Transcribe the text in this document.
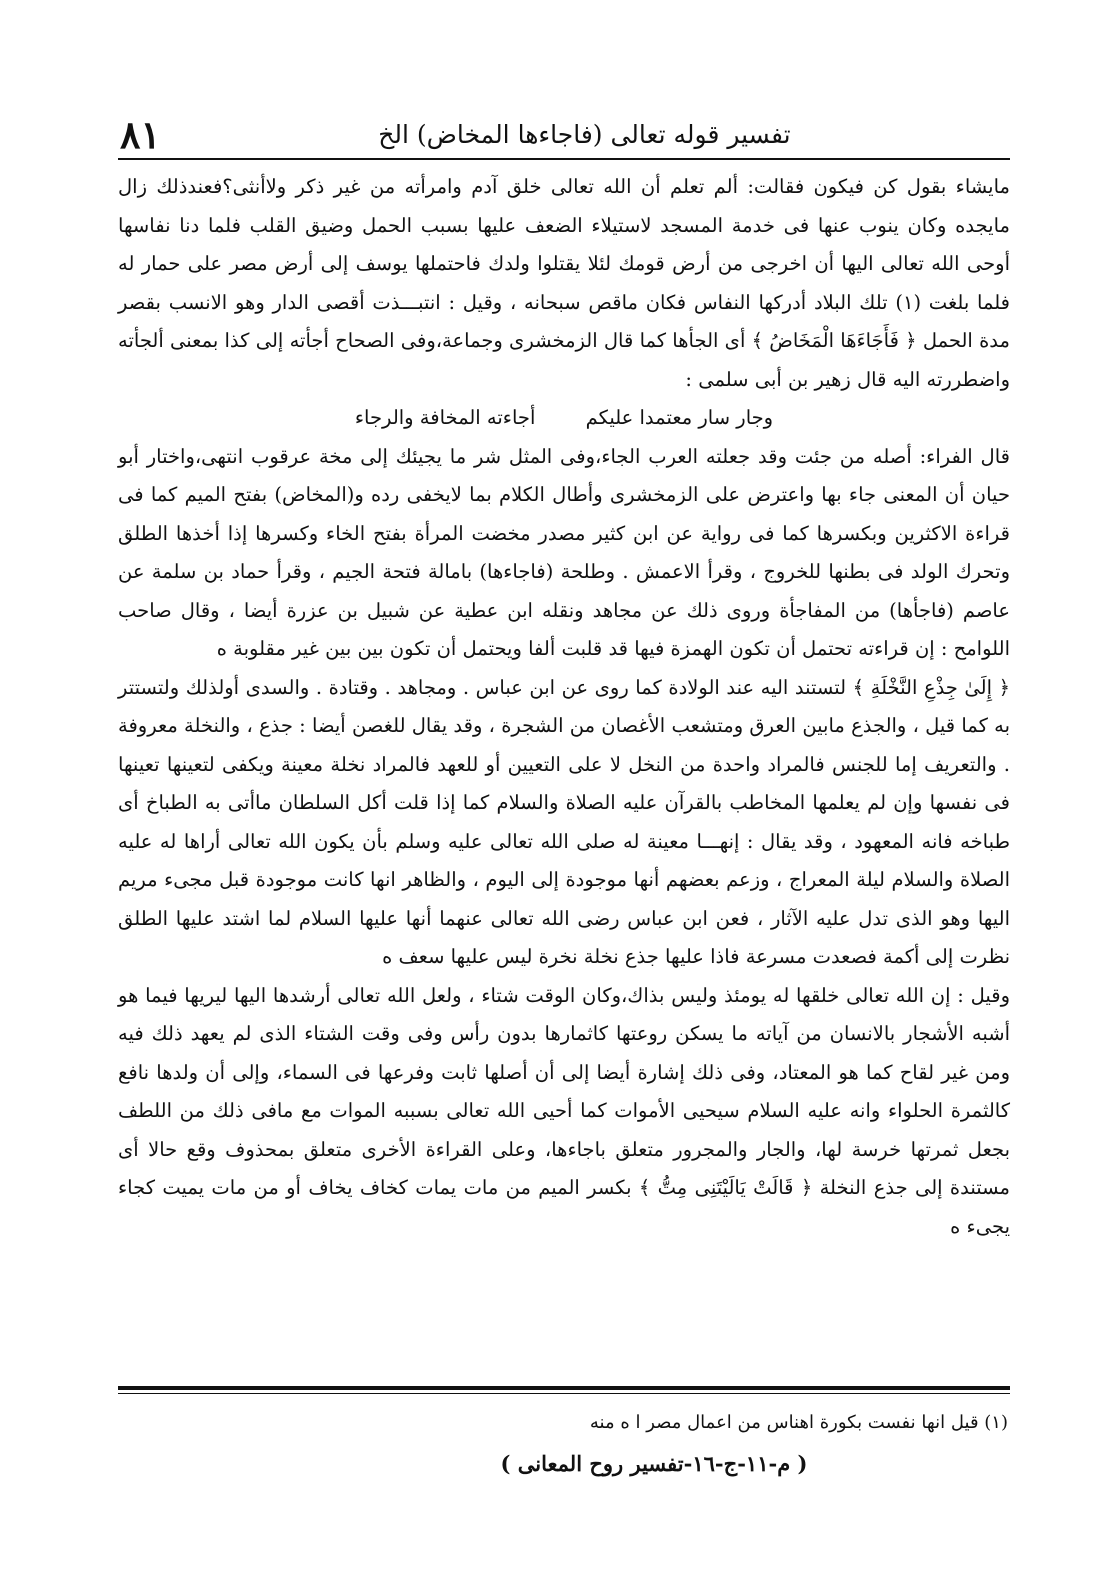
تفسير قوله تعالى (فاجاءها المخاض) الخ
٨١

مايشاء بقول كن فيكون فقالت: ألم تعلم أن الله تعالى خلق آدم وامرأته من غير ذكر ولاأنثى؟فعندذلك زال مايجده وكان ينوب عنها فى خدمة المسجد لاستيلاء الضعف عليها بسبب الحمل وضيق القلب فلما دنا نفاسها أوحى الله تعالى اليها أن اخرجى من أرض قومك لئلا يقتلوا ولدك فاحتملها يوسف إلى أرض مصر على حمار له فلما بلغت (١) تلك البلاد أدركها النفاس فكان ماقص سبحانه ، وقيل : انتبـــذت أقصى الدار وهو الانسب بقصر مدة الحمل ﴿ فَأَجَاءَهَا الْمَخَاضُ ﴾ أى الجأها كما قال الزمخشرى وجماعة،وفى الصحاح أجأته إلى كذا بمعنى ألجأته واضطررته اليه قال زهير بن أبى سلمى :

وجار سار معتمدا عليكم أجاءته المخافة والرجاء

قال الفراء: أصله من جئت وقد جعلته العرب الجاء،وفى المثل شر ما يجيئك إلى مخة عرقوب انتهى،واختار أبو حيان أن المعنى جاء بها واعترض على الزمخشرى وأطال الكلام بما لايخفى رده و(المخاض) بفتح الميم كما فى قراءة الاكثرين وبكسرها كما فى رواية عن ابن كثير مصدر مخضت المرأة بفتح الخاء وكسرها إذا أخذها الطلق وتحرك الولد فى بطنها للخروج ، وقرأ الاعمش . وطلحة (فاجاءها) بامالة فتحة الجيم ، وقرأ حماد بن سلمة عن عاصم (فاجأها) من المفاجأة وروى ذلك عن مجاهد ونقله ابن عطية عن شبيل بن عزرة أيضا ، وقال صاحب اللوامح : إن قراءته تحتمل أن تكون الهمزة فيها قد قلبت ألفا ويحتمل أن تكون بين بين غير مقلوبة ه

﴿ إِلَىٰ جِذْعِ النَّخْلَةِ ﴾ لتستند اليه عند الولادة كما روى عن ابن عباس . ومجاهد . وقتادة . والسدى أولذلك ولتستتر به كما قيل ، والجذع مابين العرق ومتشعب الأغصان من الشجرة ، وقد يقال للغصن أيضا : جذع ، والنخلة معروفة . والتعريف إما للجنس فالمراد واحدة من النخل لا على التعيين أو للعهد فالمراد نخلة معينة ويكفى لتعينها تعينها فى نفسها وإن لم يعلمها المخاطب بالقرآن عليه الصلاة والسلام كما إذا قلت أكل السلطان ماأتى به الطباخ أى طباخه فانه المعهود ، وقد يقال : إنهـــا معينة له صلى الله تعالى عليه وسلم بأن يكون الله تعالى أراها له عليه الصلاة والسلام ليلة المعراج ، وزعم بعضهم أنها موجودة إلى اليوم ، والظاهر انها كانت موجودة قبل مجىء مريم اليها وهو الذى تدل عليه الآثار ، فعن ابن عباس رضى الله تعالى عنهما أنها عليها السلام لما اشتد عليها الطلق نظرت إلى أكمة فصعدت مسرعة فاذا عليها جذع نخلة نخرة ليس عليها سعف ه

وقيل : إن الله تعالى خلقها له يومئذ وليس بذاك،وكان الوقت شتاء ، ولعل الله تعالى أرشدها اليها ليريها فيما هو أشبه الأشجار بالانسان من آياته ما يسكن روعتها كاثمارها بدون رأس وفى وقت الشتاء الذى لم يعهد ذلك فيه ومن غير لقاح كما هو المعتاد، وفى ذلك إشارة أيضا إلى أن أصلها ثابت وفرعها فى السماء، وإلى أن ولدها نافع كالثمرة الحلواء وانه عليه السلام سيحيى الأموات كما أحيى الله تعالى بسببه الموات مع مافى ذلك من اللطف بجعل ثمرتها خرسة لها، والجار والمجرور متعلق باجاءها، وعلى القراءة الأخرى متعلق بمحذوف وقع حالا أى مستندة إلى جذع النخلة ﴿ قَالَتْ يَالَيْتَنِى مِتُّ ﴾ بكسر الميم من مات يمات كخاف يخاف أو من مات يميت كجاء يجىء ه

(١) قيل انها نفست بكورة اهناس من اعمال مصر ا ه منه
( م-١١-ج-١٦-تفسير روح المعانى )
